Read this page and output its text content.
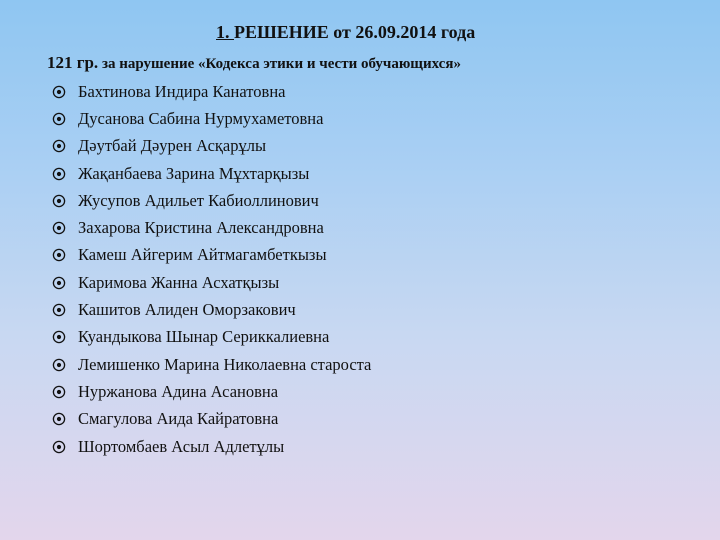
1. РЕШЕНИЕ от 26.09.2014 года
121 гр. за нарушение «Кодекса этики и чести обучающихся»
Бахтинова Индира Канатовна
Дусанова Сабина Нурмухаметовна
Дәутбай Дәурен Асқарұлы
Жақанбаева Зарина Мұхтарқызы
Жусупов Адильет Кабиоллинович
Захарова Кристина Александровна
Камеш Айгерим Айтмагамбеткызы
Каримова Жанна Асхатқызы
Кашитов Алиден Оморзакович
Куандыкова Шынар Сериккалиевна
Лемишенко Марина Николаевна староста
Нуржанова Адина Асановна
Смагулова Аида Кайратовна
Шортомбаев Асыл Адлетұлы
